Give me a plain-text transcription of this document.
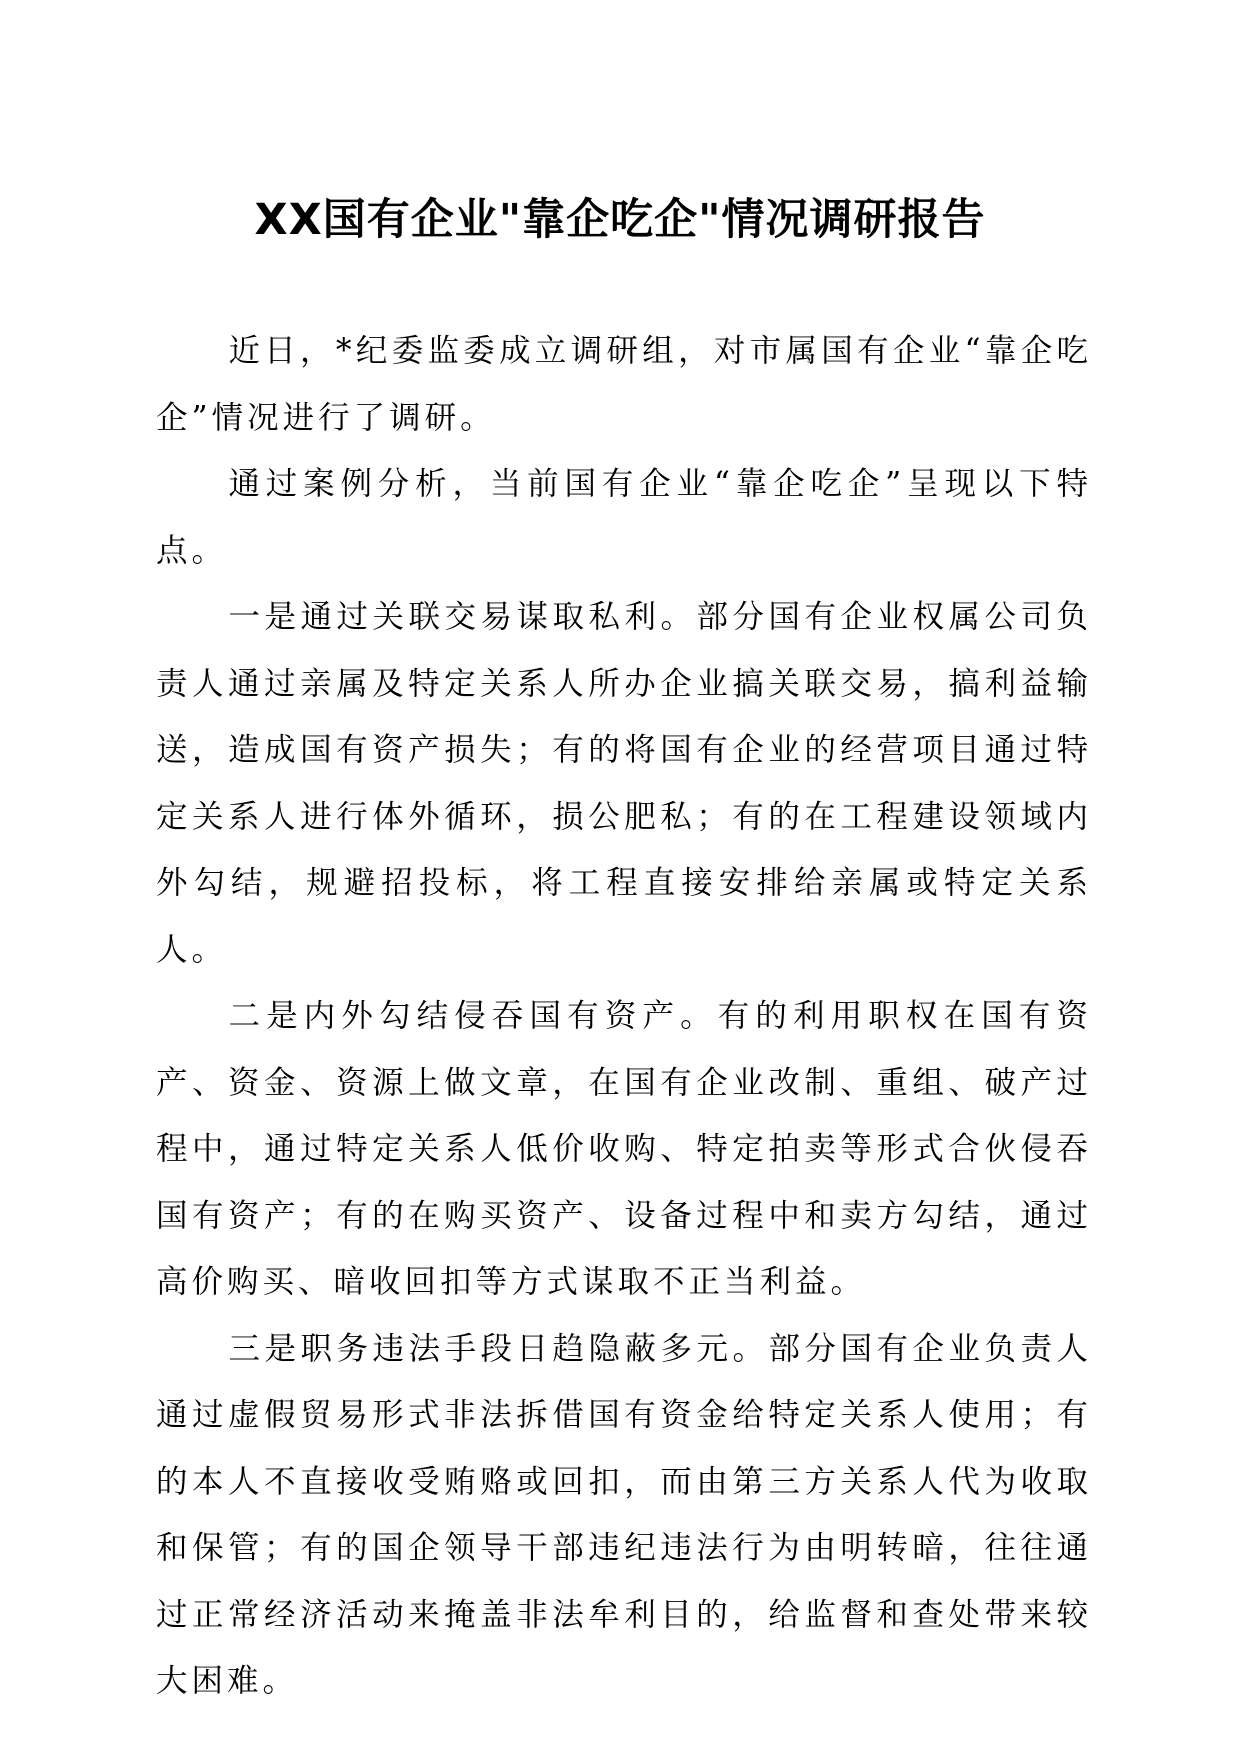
XX国有企业"靠企吃企"情况调研报告

近日，*纪委监委成立调研组，对市属国有企业“靠企吃企”情况进行了调研。

通过案例分析，当前国有企业“靠企吃企”呈现以下特点。

一是通过关联交易谋取私利。部分国有企业权属公司负责人通过亲属及特定关系人所办企业搞关联交易，搞利益输送，造成国有资产损失；有的将国有企业的经营项目通过特定关系人进行体外循环，损公肥私；有的在工程建设领域内外勾结，规避招投标，将工程直接安排给亲属或特定关系人。

二是内外勾结侵吞国有资产。有的利用职权在国有资产、资金、资源上做文章，在国有企业改制、重组、破产过程中，通过特定关系人低价收购、特定拍卖等形式合伙侵吞国有资产；有的在购买资产、设备过程中和卖方勾结，通过高价购买、暗收回扣等方式谋取不正当利益。

三是职务违法手段日趋隐蔽多元。部分国有企业负责人通过虚假贸易形式非法拆借国有资金给特定关系人使用；有的本人不直接收受贿赂或回扣，而由第三方关系人代为收取和保管；有的国企领导干部违纪违法行为由明转暗，往往通过正常经济活动来掩盖非法牟利目的，给监督和查处带来较大困难。
